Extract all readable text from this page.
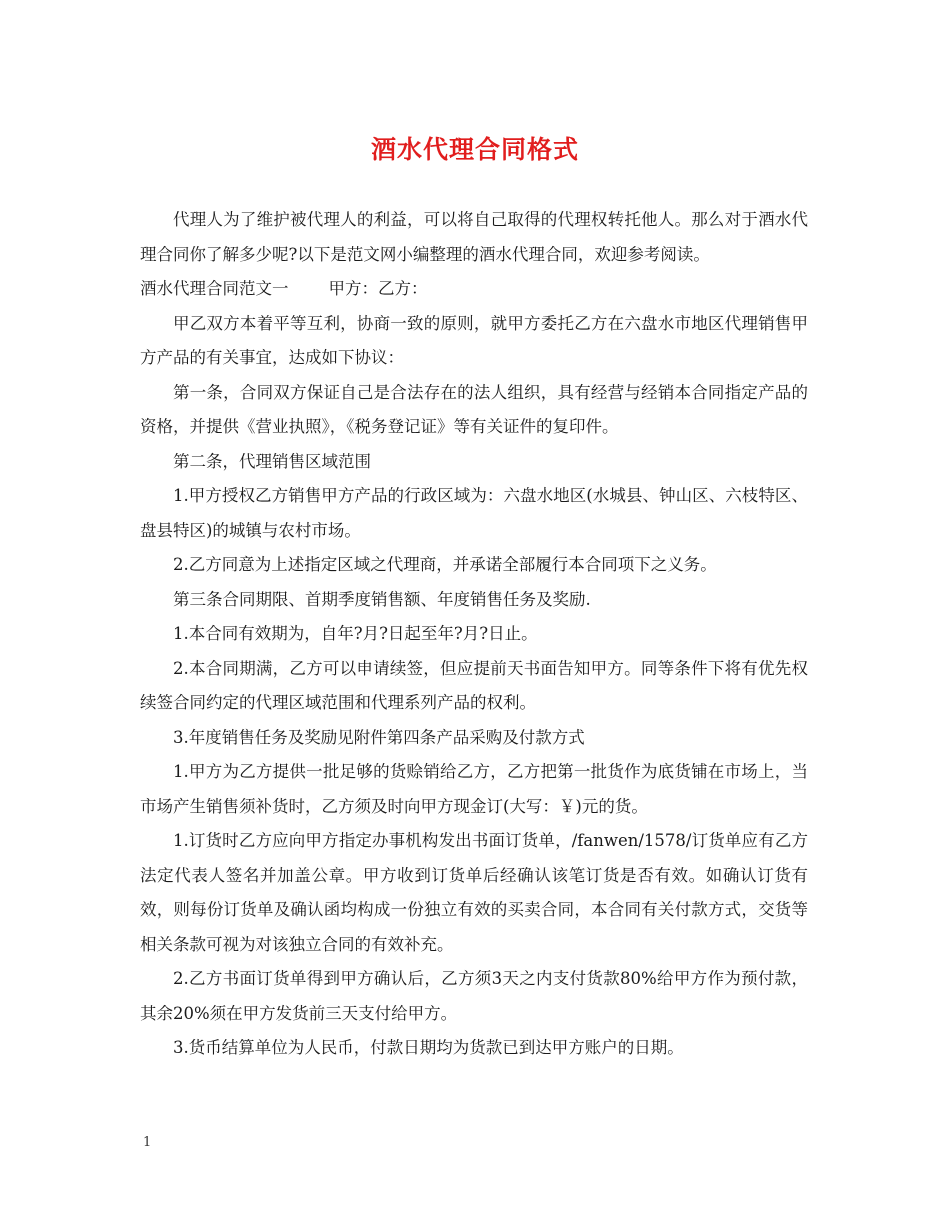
酒水代理合同格式

代理人为了维护被代理人的利益，可以将自己取得的代理权转托他人。那么对于酒水代理合同你了解多少呢?以下是范文网小编整理的酒水代理合同，欢迎参考阅读。

酒水代理合同范文一 甲方：乙方：

甲乙双方本着平等互利，协商一致的原则，就甲方委托乙方在六盘水市地区代理销售甲方产品的有关事宜，达成如下协议：

第一条，合同双方保证自己是合法存在的法人组织，具有经营与经销本合同指定产品的资格，并提供《营业执照》，《税务登记证》等有关证件的复印件。

第二条，代理销售区域范围

1.甲方授权乙方销售甲方产品的行政区域为：六盘水地区(水城县、钟山区、六枝特区、盘县特区)的城镇与农村市场。

2.乙方同意为上述指定区域之代理商，并承诺全部履行本合同项下之义务。

第三条合同期限、首期季度销售额、年度销售任务及奖励.

1.本合同有效期为，自年?月?日起至年?月?日止。

2.本合同期满，乙方可以申请续签，但应提前天书面告知甲方。同等条件下将有优先权续签合同约定的代理区域范围和代理系列产品的权利。

3.年度销售任务及奖励见附件第四条产品采购及付款方式

1.甲方为乙方提供一批足够的货赊销给乙方，乙方把第一批货作为底货铺在市场上，当市场产生销售须补货时，乙方须及时向甲方现金订(大写：￥)元的货。

1.订货时乙方应向甲方指定办事机构发出书面订货单，/fanwen/1578/订货单应有乙方法定代表人签名并加盖公章。甲方收到订货单后经确认该笔订货是否有效。如确认订货有效，则每份订货单及确认函均构成一份独立有效的买卖合同，本合同有关付款方式，交货等相关条款可视为对该独立合同的有效补充。

2.乙方书面订货单得到甲方确认后，乙方须3天之内支付货款80%给甲方作为预付款，其余20%须在甲方发货前三天支付给甲方。

3.货币结算单位为人民币，付款日期均为货款已到达甲方账户的日期。

1
